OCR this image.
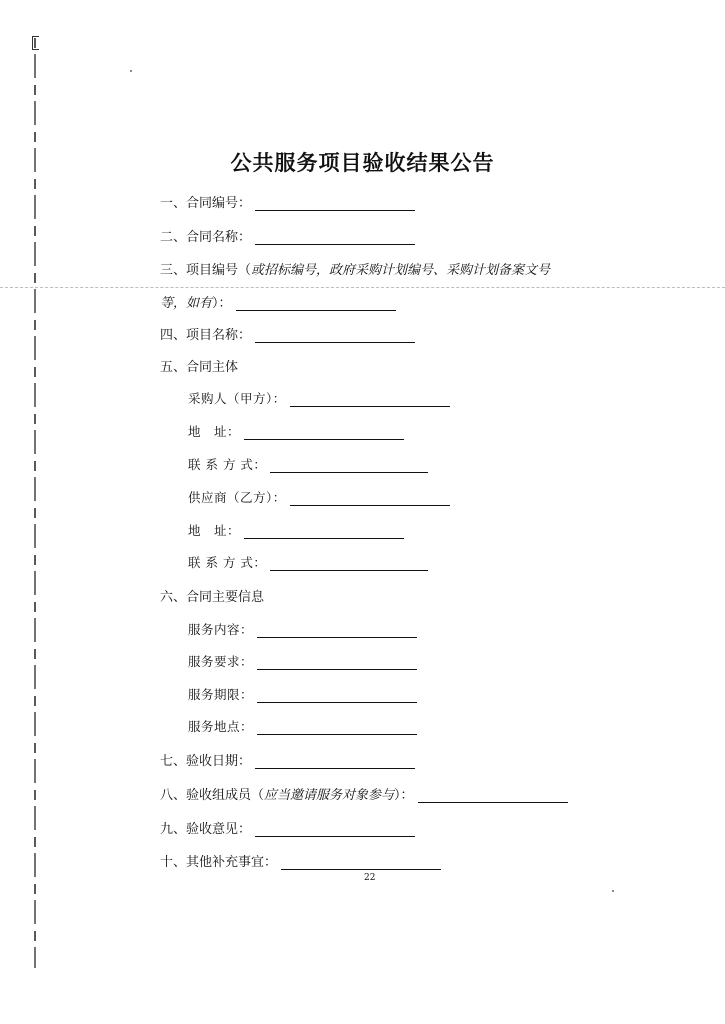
公共服务项目验收结果公告
一、合同编号：
二、合同名称：
三、项目编号（ 或招标编号，政府采购计划编号、采购计划备案文号
等，如有 ）：
四、项目名称：
五、合同主体
采购人（甲方）：
地　址：
联 系 方 式：
供应商（乙方）：
地　址：
联 系 方 式：
六、合同主要信息
服务内容：
服务要求：
服务期限：
服务地点：
七、验收日期：
八、验收组成员（ 应当邀请服务对象参与 ）：
九、验收意见：
十、其他补充事宜：
22
